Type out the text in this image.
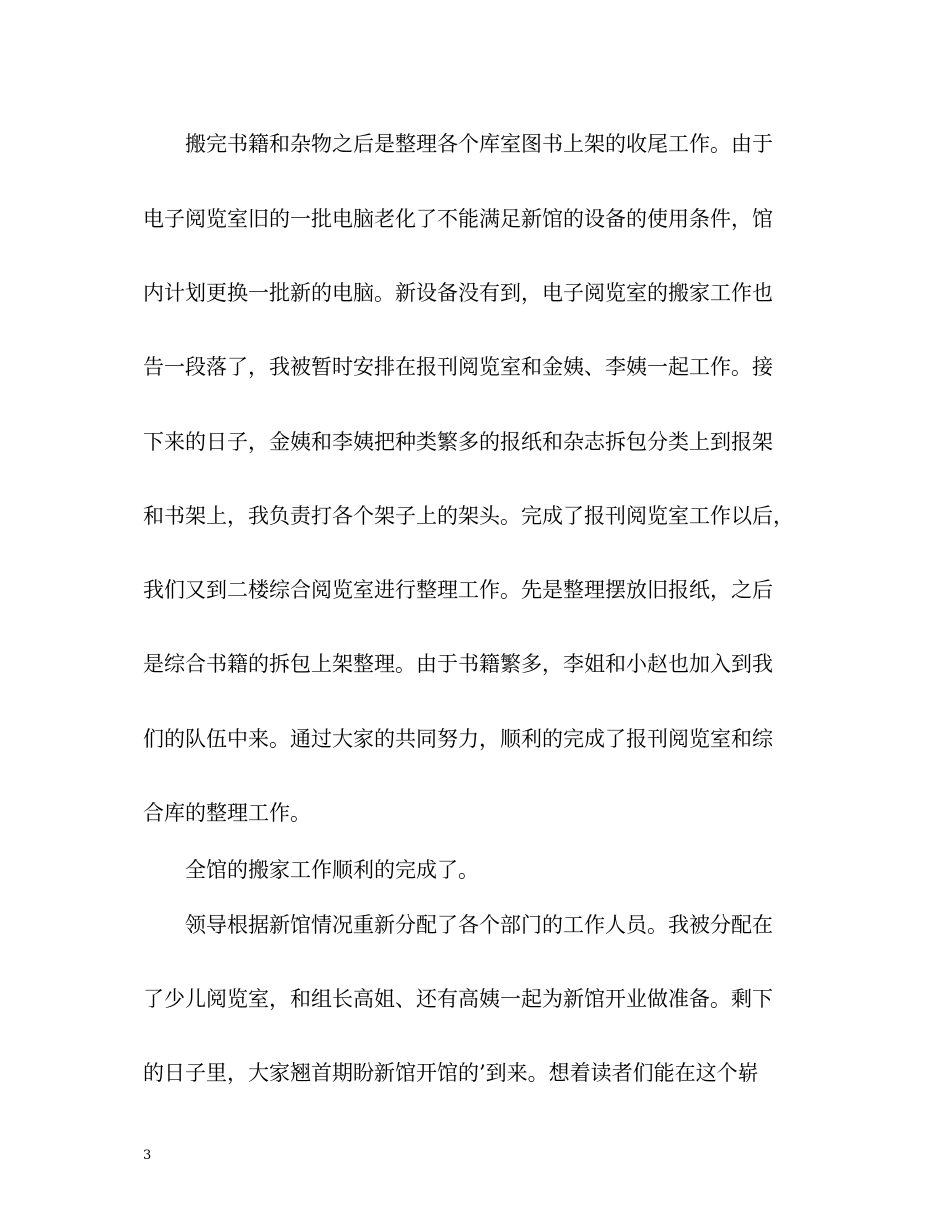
搬完书籍和杂物之后是整理各个库室图书上架的收尾工作。由于
电子阅览室旧的一批电脑老化了不能满足新馆的设备的使用条件，馆
内计划更换一批新的电脑。新设备没有到，电子阅览室的搬家工作也
告一段落了，我被暂时安排在报刊阅览室和金姨、李姨一起工作。接
下来的日子，金姨和李姨把种类繁多的报纸和杂志拆包分类上到报架
和书架上，我负责打各个架子上的架头。完成了报刊阅览室工作以后，
我们又到二楼综合阅览室进行整理工作。先是整理摆放旧报纸，之后
是综合书籍的拆包上架整理。由于书籍繁多，李姐和小赵也加入到我
们的队伍中来。通过大家的共同努力，顺利的完成了报刊阅览室和综
合库的整理工作。
全馆的搬家工作顺利的完成了。
领导根据新馆情况重新分配了各个部门的工作人员。我被分配在
了少儿阅览室，和组长高姐、还有高姨一起为新馆开业做准备。剩下
的日子里，大家翘首期盼新馆开馆的’到来。想着读者们能在这个崭
3
